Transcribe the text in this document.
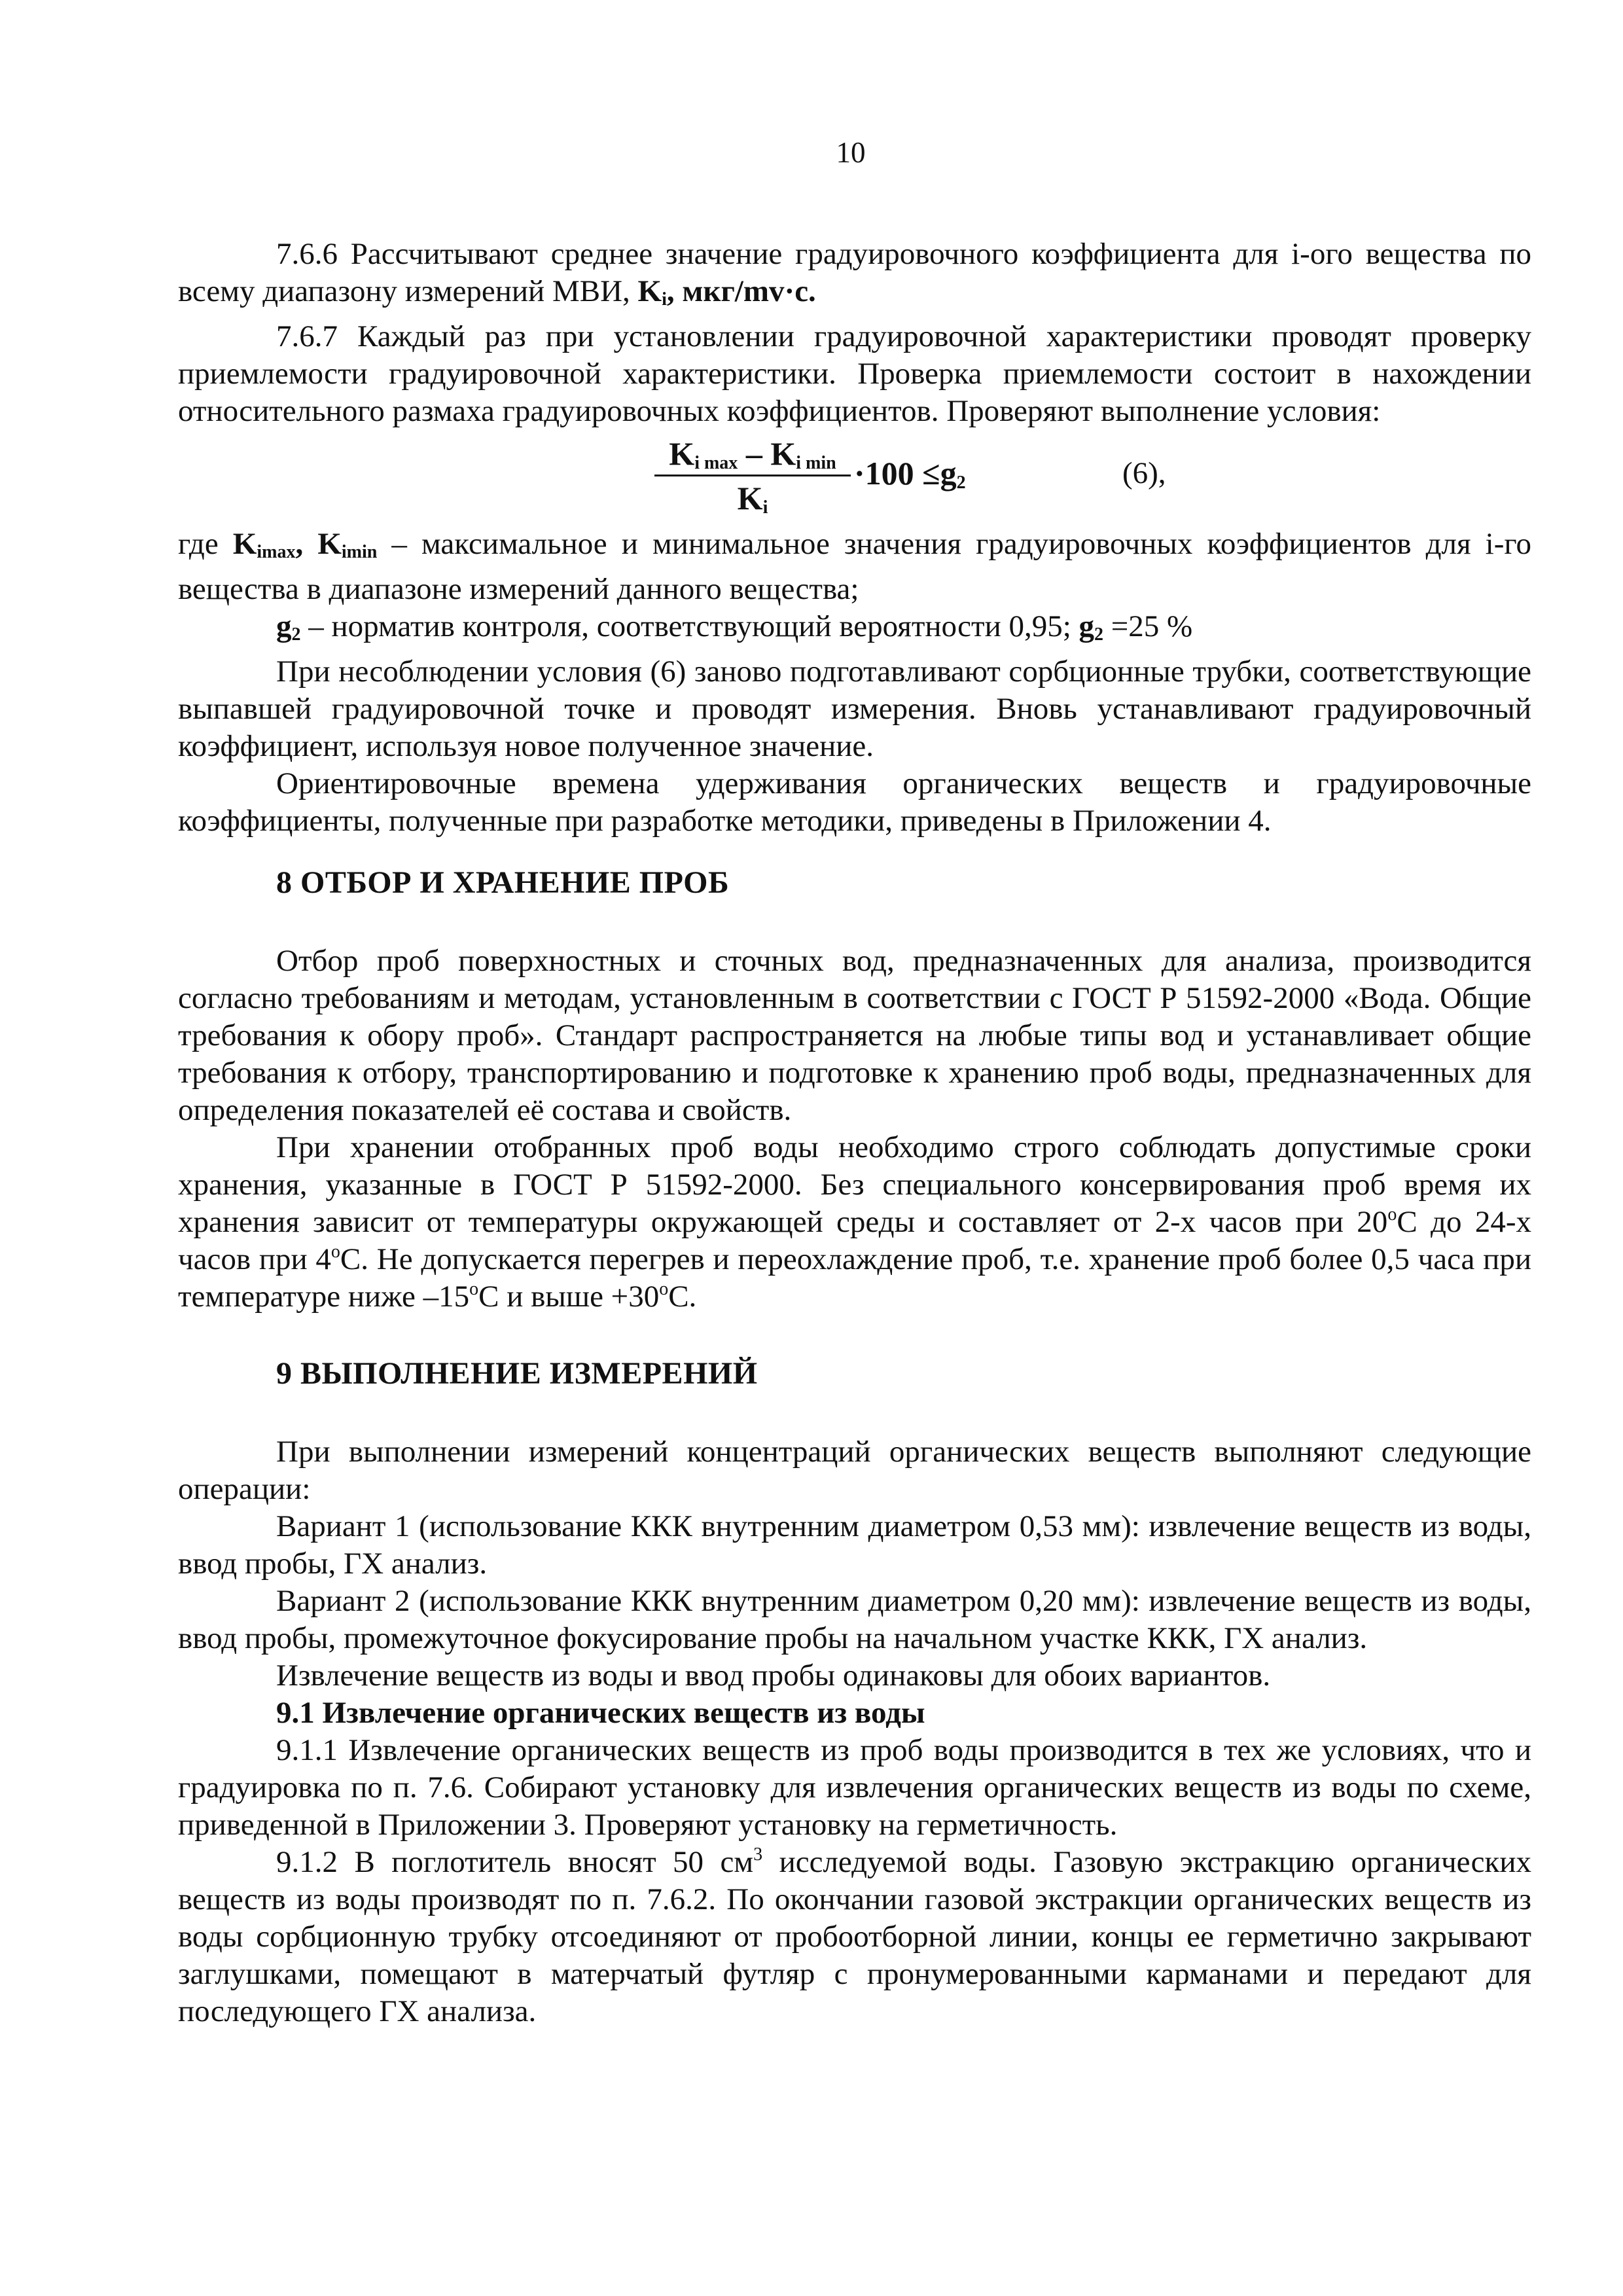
10

7.6.6 Рассчитывают среднее значение градуировочного коэффициента для i-ого вещества по всему диапазону измерений МВИ, $K_i$, мкг/mv·с.

7.6.7 Каждый раз при установлении градуировочной характеристики проводят проверку приемлемости градуировочной характеристики. Проверка приемлемости состоит в нахождении относительного размаха градуировочных коэффициентов. Проверяют выполнение условия:

$K_{i max} - K_{i min}$
$K_i$
$\cdot 100 \le g_2$	(6),

где $K_{imax}$, $K_{imin}$ – максимальное и минимальное значения градуировочных коэффициентов для i-го вещества в диапазоне измерений данного вещества;

$g_2$ – норматив контроля, соответствующий вероятности 0,95; $g_2 =25$ %

При несоблюдении условия (6) заново подготавливают сорбционные трубки, соответствующие выпавшей градуировочной точке и проводят измерения. Вновь устанавливают градуировочный коэффициент, используя новое полученное значение.

Ориентировочные времена удерживания органических веществ и градуировочные коэффициенты, полученные при разработке методики, приведены в Приложении 4.

8 ОТБОР И ХРАНЕНИЕ ПРОБ

Отбор проб поверхностных и сточных вод, предназначенных для анализа, производится согласно требованиям и методам, установленным в соответствии с ГОСТ Р 51592-2000 «Вода. Общие требования к обору проб». Стандарт распространяется на любые типы вод и устанавливает общие требования к отбору, транспортированию и подготовке к хранению проб воды, предназначенных для определения показателей её состава и свойств.

При хранении отобранных проб воды необходимо строго соблюдать допустимые сроки хранения, указанные в ГОСТ Р 51592-2000. Без специального консервирования проб время их хранения зависит от температуры окружающей среды и составляет от 2-х часов при 20$^o$С до 24-х часов при 4$^o$С. Не допускается перегрев и переохлаждение проб, т.е. хранение проб более 0,5 часа при температуре ниже –15$^o$С и выше $+30^oС$.

9 ВЫПОЛНЕНИЕ ИЗМЕРЕНИЙ

При выполнении измерений концентраций органических веществ выполняют следующие операции:

Вариант 1 (использование ККК внутренним диаметром 0,53 мм): извлечение веществ из воды, ввод пробы, ГХ анализ.

Вариант 2 (использование ККК внутренним диаметром 0,20 мм): извлечение веществ из воды, ввод пробы, промежуточное фокусирование пробы на начальном участке ККК, ГХ анализ.

Извлечение веществ из воды и ввод пробы одинаковы для обоих вариантов.

9.1 Извлечение органических веществ из воды

9.1.1 Извлечение органических веществ из проб воды производится в тех же условиях, что и градуировка по п. 7.6. Собирают установку для извлечения органических веществ из воды по схеме, приведенной в Приложении 3. Проверяют установку на герметичность.

9.1.2 В поглотитель вносят 50 $см^3$ исследуемой воды. Газовую экстракцию органических веществ из воды производят по п. 7.6.2. По окончании газовой экстракции органических веществ из воды сорбционную трубку отсоединяют от пробоотборной линии, концы ее герметично закрывают заглушками, помещают в матерчатый футляр с пронумерованными карманами и передают для последующего ГХ анализа.
